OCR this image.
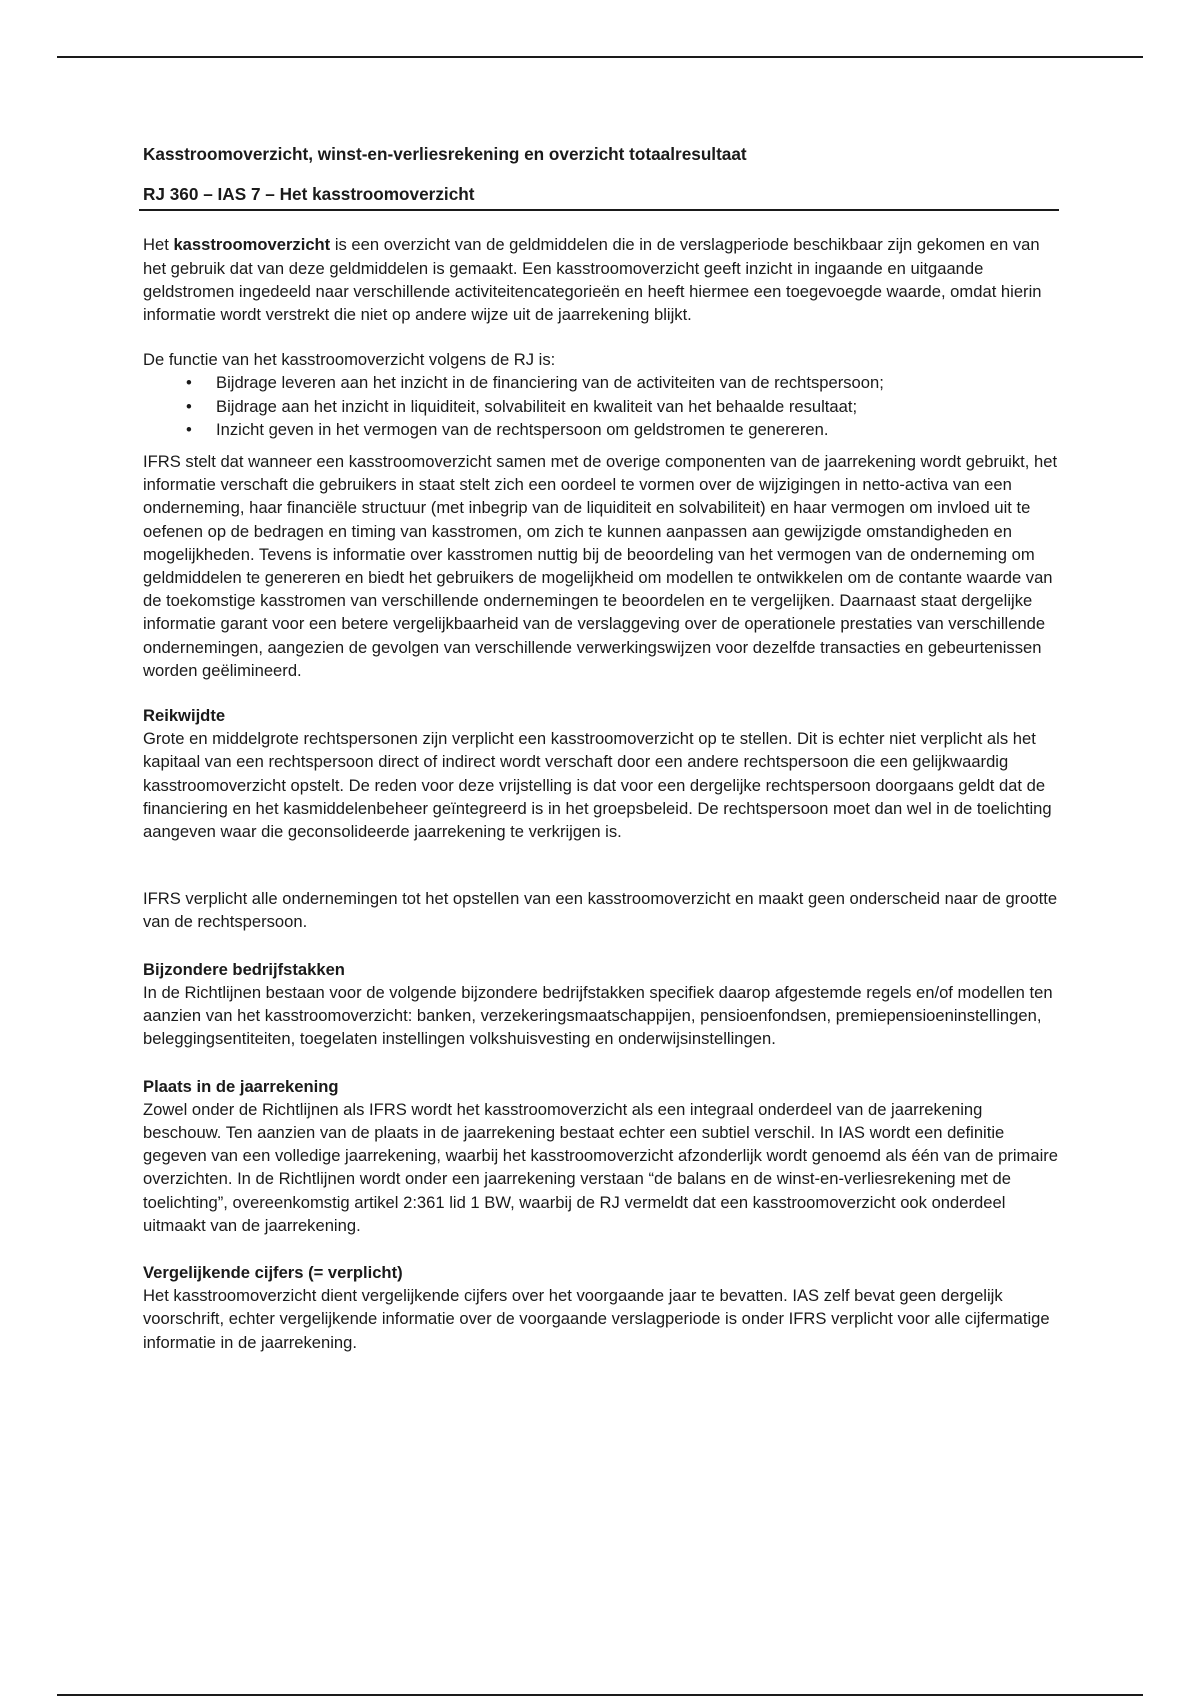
Kasstroomoverzicht, winst-en-verliesrekening en overzicht totaalresultaat
RJ 360 – IAS 7 – Het kasstroomoverzicht

Het kasstroomoverzicht is een overzicht van de geldmiddelen die in de verslagperiode beschikbaar zijn gekomen en van het gebruik dat van deze geldmiddelen is gemaakt. Een kasstroomoverzicht geeft inzicht in ingaande en uitgaande geldstromen ingedeeld naar verschillende activiteitencategorieën en heeft hiermee een toegevoegde waarde, omdat hierin informatie wordt verstrekt die niet op andere wijze uit de jaarrekening blijkt.

De functie van het kasstroomoverzicht volgens de RJ is:

• Bijdrage leveren aan het inzicht in de financiering van de activiteiten van de rechtspersoon;
• Bijdrage aan het inzicht in liquiditeit, solvabiliteit en kwaliteit van het behaalde resultaat;
• Inzicht geven in het vermogen van de rechtspersoon om geldstromen te genereren.

IFRS stelt dat wanneer een kasstroomoverzicht samen met de overige componenten van de jaarrekening wordt gebruikt, het informatie verschaft die gebruikers in staat stelt zich een oordeel te vormen over de wijzigingen in netto-activa van een onderneming, haar financiële structuur (met inbegrip van de liquiditeit en solvabiliteit) en haar vermogen om invloed uit te oefenen op de bedragen en timing van kasstromen, om zich te kunnen aanpassen aan gewijzigde omstandigheden en mogelijkheden. Tevens is informatie over kasstromen nuttig bij de beoordeling van het vermogen van de onderneming om geldmiddelen te genereren en biedt het gebruikers de mogelijkheid om modellen te ontwikkelen om de contante waarde van de toekomstige kasstromen van verschillende ondernemingen te beoordelen en te vergelijken. Daarnaast staat dergelijke informatie garant voor een betere vergelijkbaarheid van de verslaggeving over de operationele prestaties van verschillende ondernemingen, aangezien de gevolgen van verschillende verwerkingswijzen voor dezelfde transacties en gebeurtenissen worden geëlimineerd.

Reikwijdte

Grote en middelgrote rechtspersonen zijn verplicht een kasstroomoverzicht op te stellen. Dit is echter niet verplicht als het kapitaal van een rechtspersoon direct of indirect wordt verschaft door een andere rechtspersoon die een gelijkwaardig kasstroomoverzicht opstelt. De reden voor deze vrijstelling is dat voor een dergelijke rechtspersoon doorgaans geldt dat de financiering en het kasmiddelenbeheer geïntegreerd is in het groepsbeleid. De rechtspersoon moet dan wel in de toelichting aangeven waar die geconsolideerde jaarrekening te verkrijgen is.

IFRS verplicht alle ondernemingen tot het opstellen van een kasstroomoverzicht en maakt geen onderscheid naar de grootte van de rechtspersoon.

Bijzondere bedrijfstakken

In de Richtlijnen bestaan voor de volgende bijzondere bedrijfstakken specifiek daarop afgestemde regels en/of modellen ten aanzien van het kasstroomoverzicht: banken, verzekeringsmaatschappijen, pensioenfondsen, premiepensioeninstellingen, beleggingsentiteiten, toegelaten instellingen volkshuisvesting en onderwijsinstellingen.

Plaats in de jaarrekening

Zowel onder de Richtlijnen als IFRS wordt het kasstroomoverzicht als een integraal onderdeel van de jaarrekening beschouw. Ten aanzien van de plaats in de jaarrekening bestaat echter een subtiel verschil. In IAS wordt een definitie gegeven van een volledige jaarrekening, waarbij het kasstroomoverzicht afzonderlijk wordt genoemd als één van de primaire overzichten. In de Richtlijnen wordt onder een jaarrekening verstaan “de balans en de winst-en-verliesrekening met de toelichting”, overeenkomstig artikel 2:361 lid 1 BW, waarbij de RJ vermeldt dat een kasstroomoverzicht ook onderdeel uitmaakt van de jaarrekening.

Vergelijkende cijfers (= verplicht)

Het kasstroomoverzicht dient vergelijkende cijfers over het voorgaande jaar te bevatten. IAS zelf bevat geen dergelijk voorschrift, echter vergelijkende informatie over de voorgaande verslagperiode is onder IFRS verplicht voor alle cijfermatige informatie in de jaarrekening.
